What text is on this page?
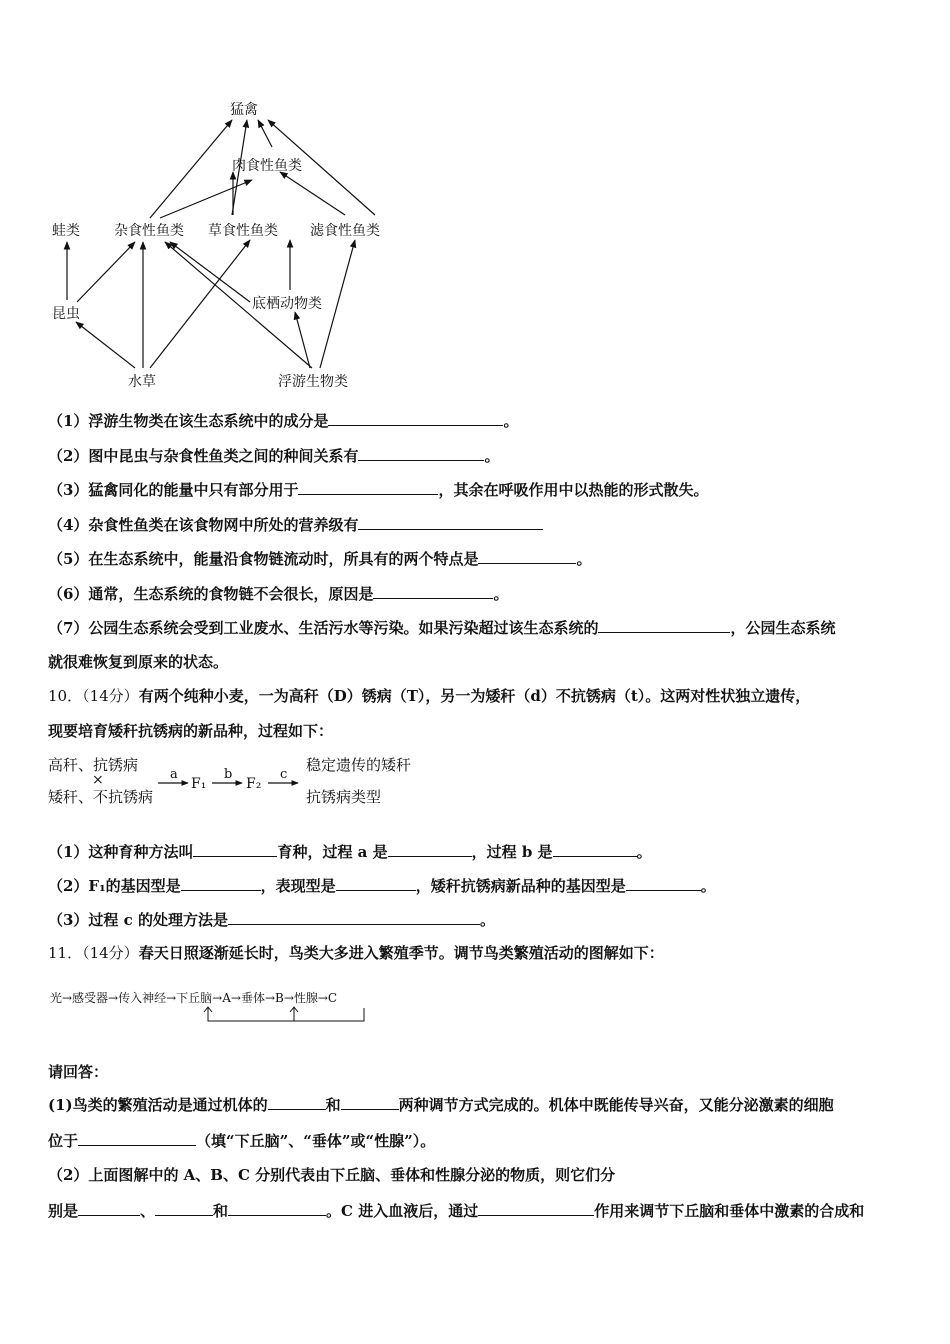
猛禽
肉食性鱼类
蛙类 杂食性鱼类 草食性鱼类 滤食性鱼类
底栖动物类
昆虫
水草	浮游生物类
（1）浮游生物类在该生态系统中的成分是	。
（2）图中昆虫与杂食性鱼类之间的种间关系有	。
（3）猛禽同化的能量中只有部分用于	，其余在呼吸作用中以热能的形式散失。
（4）杂食性鱼类在该食物网中所处的营养级有
（5）在生态系统中，能量沿食物链流动时，所具有的两个特点是	。
（6）通常，生态系统的食物链不会很长，原因是	。
（7）公园生态系统会受到工业废水、生活污水等污染。如果污染超过该生态系统的	，公园生态系统
就很难恢复到原来的状态。
10．（14分）有两个纯种小麦，一为高秆（D）锈病（T），另一为矮秆（d）不抗锈病（t）。这两对性状独立遗传，
现要培育矮秆抗锈病的新品种，过程如下：
高秆、抗锈病
×
矮秆、不抗锈病
a
F₁
b
F₂
c
稳定遗传的矮秆
抗锈病类型
（1）这种育种方法叫	育种，过程 a 是	，过程 b 是	。
（2）F₁的基因型是	，表现型是	，矮秆抗锈病新品种的基因型是	。
（3）过程 c 的处理方法是	。
11．（14分）春天日照逐渐延长时，鸟类大多进入繁殖季节。调节鸟类繁殖活动的图解如下：
光→感受器→传入神经→下丘脑→A→垂体→B→性腺→C
请回答：
(1)鸟类的繁殖活动是通过机体的	和	两种调节方式完成的。机体中既能传导兴奋，又能分泌激素的细胞
位于	（填“下丘脑”、“垂体”或“性腺”）。
（2）上面图解中的 A、B、C 分别代表由下丘脑、垂体和性腺分泌的物质，则它们分
别是	、	和	。C 进入血液后，通过	作用来调节下丘脑和垂体中激素的合成和
